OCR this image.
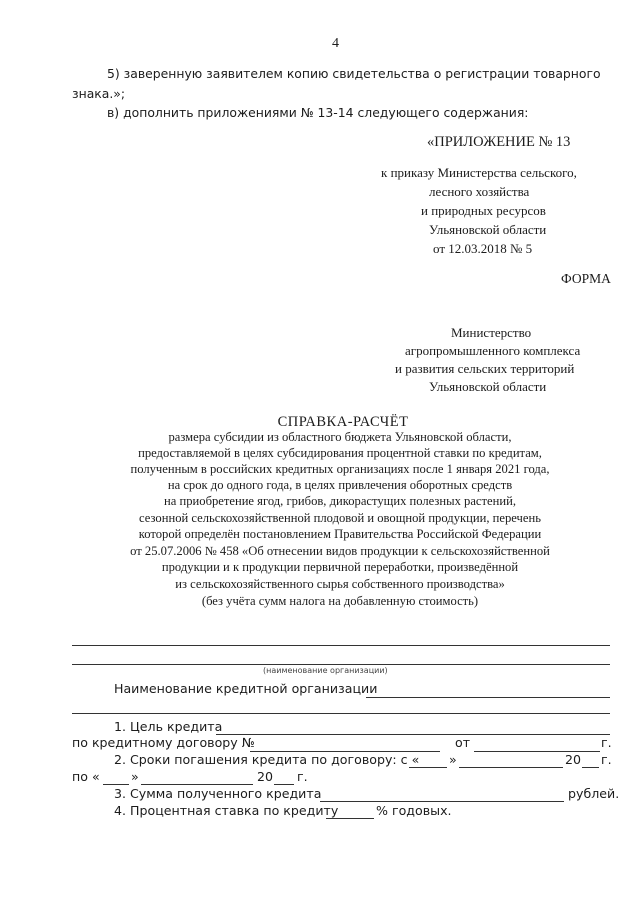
4
5) заверенную заявителем копию свидетельства о регистрации товарного
знака.»;
в) дополнить приложениями № 13-14 следующего содержания:
«ПРИЛОЖЕНИЕ № 13
к приказу Министерства сельского,
лесного хозяйства
и природных ресурсов
Ульяновской области
от 12.03.2018 № 5
ФОРМА
Министерство
агропромышленного комплекса
и развития сельских территорий
Ульяновской области
СПРАВКА-РАСЧЁТ
размера субсидии из областного бюджета Ульяновской области,
предоставляемой в целях субсидирования процентной ставки по кредитам,
полученным в российских кредитных организациях после 1 января 2021 года,
на срок до одного года, в целях привлечения оборотных средств
на приобретение ягод, грибов, дикорастущих полезных растений,
сезонной сельскохозяйственной плодовой и овощной продукции, перечень
которой определён постановлением Правительства Российской Федерации
от 25.07.2006 № 458 «Об отнесении видов продукции к сельскохозяйственной
продукции и к продукции первичной переработки, произведённой
из сельскохозяйственного сырья собственного производства»
(без учёта сумм налога на добавленную стоимость)
(наименование организации)
Наименование кредитной организации
1. Цель кредита
по кредитному договору №	от	г.
2. Сроки погашения кредита по договору: с « »	20 г.
по « »	20 г.
3. Сумма полученного кредита	рублей.
4. Процентная ставка по кредиту	% годовых.
